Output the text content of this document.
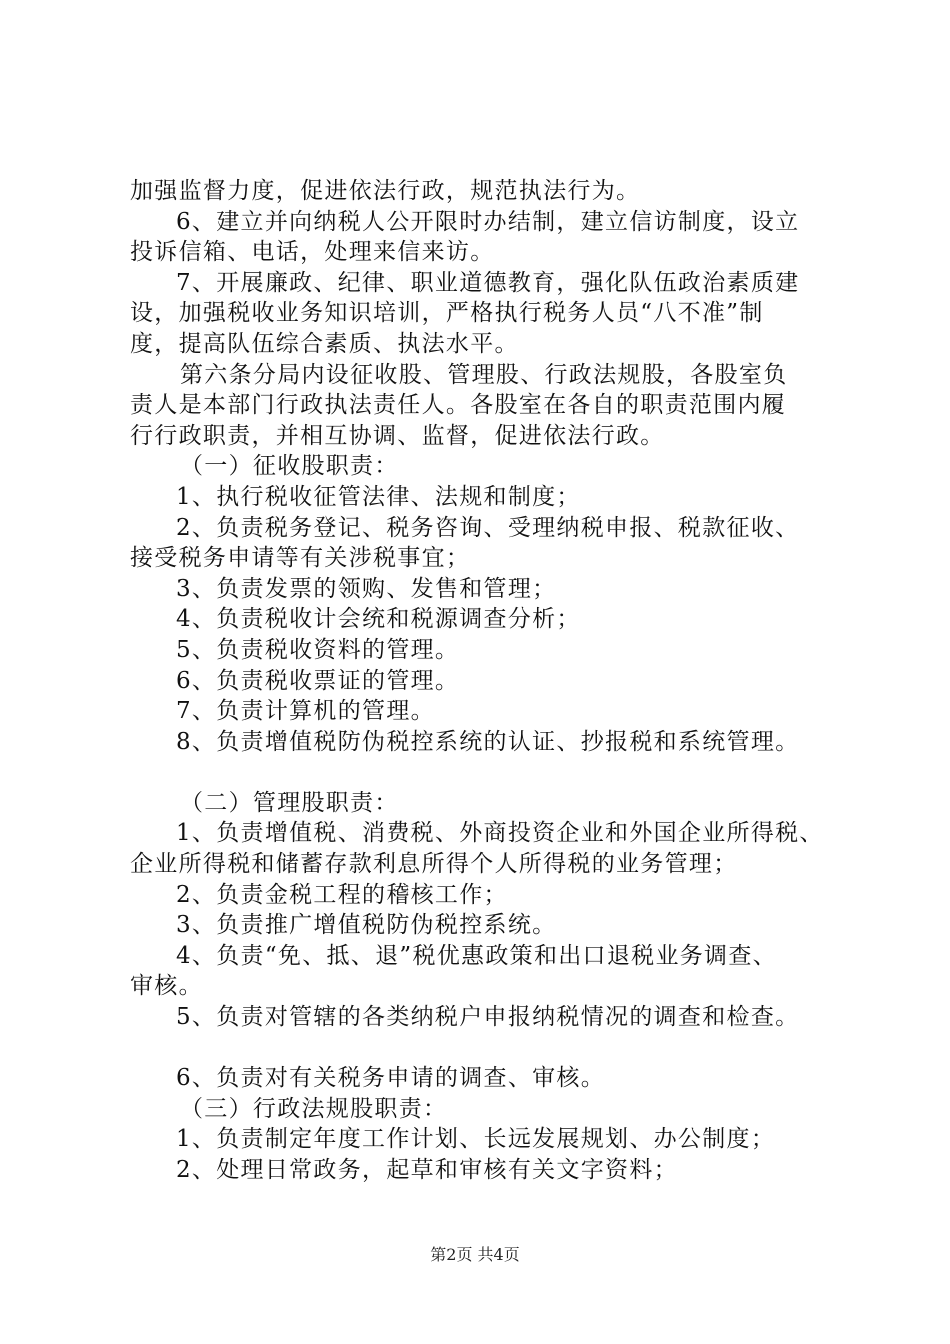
加强监督力度，促进依法行政，规范执法行为。
6、建立并向纳税人公开限时办结制，建立信访制度，设立
投诉信箱、电话，处理来信来访。
7、开展廉政、纪律、职业道德教育，强化队伍政治素质建
设，加强税收业务知识培训，严格执行税务人员“八不准”制
度，提高队伍综合素质、执法水平。
第六条分局内设征收股、管理股、行政法规股，各股室负
责人是本部门行政执法责任人。各股室在各自的职责范围内履
行行政职责，并相互协调、监督，促进依法行政。
（一）征收股职责：
1、执行税收征管法律、法规和制度；
2、负责税务登记、税务咨询、受理纳税申报、税款征收、
接受税务申请等有关涉税事宜；
3、负责发票的领购、发售和管理；
4、负责税收计会统和税源调查分析；
5、负责税收资料的管理。
6、负责税收票证的管理。
7、负责计算机的管理。
8、负责增值税防伪税控系统的认证、抄报税和系统管理。
（二）管理股职责：
1、负责增值税、消费税、外商投资企业和外国企业所得税、
企业所得税和储蓄存款利息所得个人所得税的业务管理；
2、负责金税工程的稽核工作；
3、负责推广增值税防伪税控系统。
4、负责“免、抵、退”税优惠政策和出口退税业务调查、
审核。
5、负责对管辖的各类纳税户申报纳税情况的调查和检查。
6、负责对有关税务申请的调查、审核。
（三）行政法规股职责：
1、负责制定年度工作计划、长远发展规划、办公制度；
2、处理日常政务，起草和审核有关文字资料；
第2页 共4页
